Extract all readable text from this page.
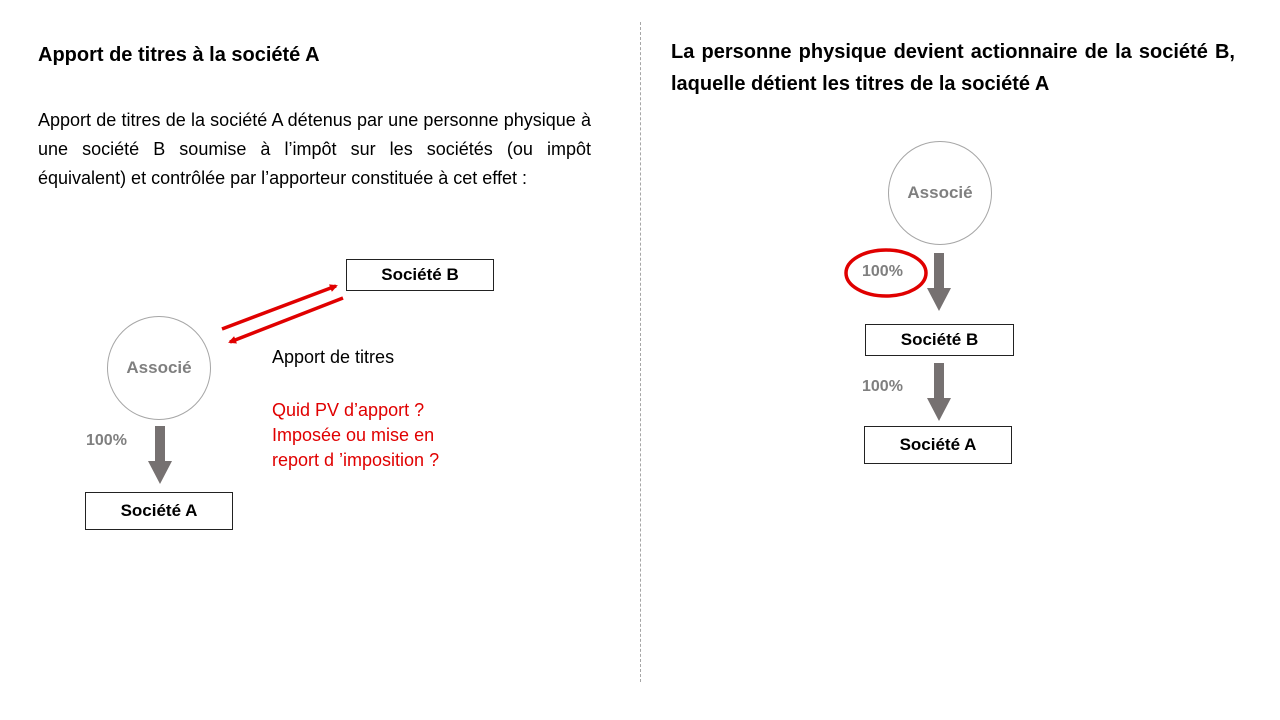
Apport de titres à la société A
Apport de titres de la société A détenus par une personne physique à une société B soumise à l’impôt sur les sociétés (ou impôt équivalent) et contrôlée par l’apporteur constituée à cet effet :
La personne physique devient actionnaire de la société B, laquelle détient les titres de la société A
Société B
Associé
100%
Société A
Apport de titres
Quid PV d’apport ?
Imposée ou mise en
report d ’imposition ?
Associé
100%
Société B
100%
Société A
